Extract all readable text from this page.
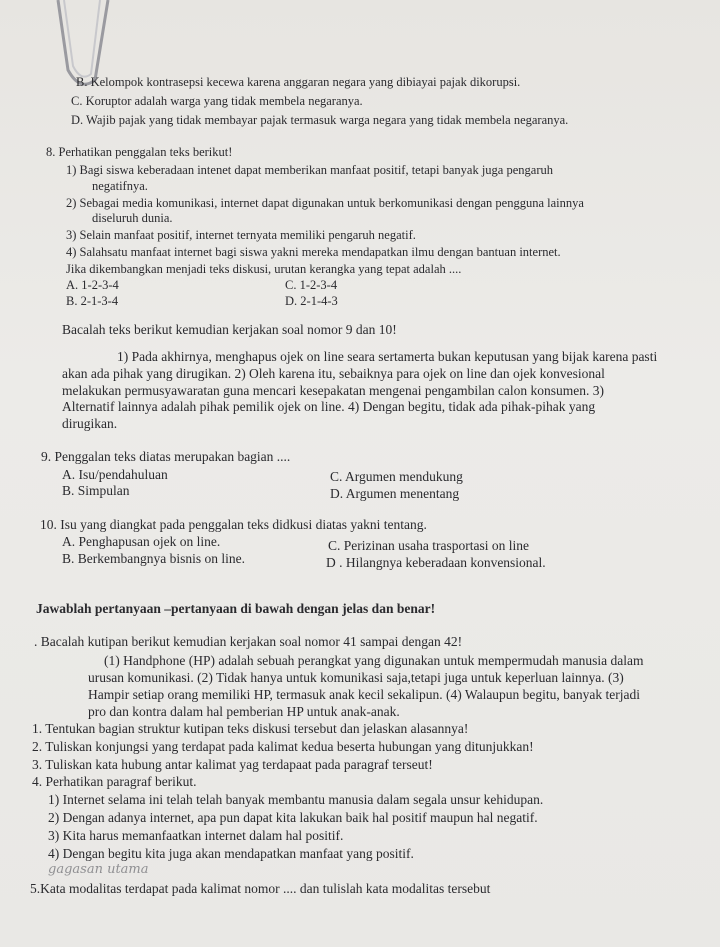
B. Kelompok kontrasepsi kecewa karena anggaran negara yang dibiayai pajak dikorupsi.
C. Koruptor adalah warga yang tidak membela negaranya.
D. Wajib pajak yang tidak membayar pajak termasuk warga negara yang tidak membela negaranya.
8. Perhatikan penggalan teks berikut!
1) Bagi siswa keberadaan intenet dapat memberikan manfaat positif, tetapi banyak juga pengaruh
negatifnya.
2) Sebagai media komunikasi, internet dapat digunakan untuk berkomunikasi dengan pengguna lainnya
diseluruh dunia.
3) Selain manfaat positif, internet ternyata memiliki pengaruh negatif.
4) Salahsatu manfaat internet bagi siswa yakni mereka mendapatkan ilmu dengan bantuan internet.
Jika dikembangkan menjadi teks diskusi, urutan kerangka yang tepat adalah ....
A. 1-2-3-4
B. 2-1-3-4
C. 1-2-3-4
D. 2-1-4-3
Bacalah teks berikut kemudian kerjakan soal nomor 9 dan 10!
1) Pada akhirnya, menghapus ojek on line seara sertamerta bukan keputusan yang bijak karena pasti
akan ada pihak yang dirugikan. 2) Oleh karena itu, sebaiknya para ojek on line dan ojek konvesional
melakukan permusyawaratan guna mencari kesepakatan mengenai pengambilan calon konsumen. 3)
Alternatif lainnya adalah pihak pemilik ojek on line. 4) Dengan begitu, tidak ada pihak-pihak yang
dirugikan.
9. Penggalan teks diatas merupakan bagian ....
A. Isu/pendahuluan
B. Simpulan
C. Argumen mendukung
D. Argumen menentang
10. Isu yang diangkat pada penggalan teks didkusi diatas yakni tentang.
A. Penghapusan ojek on line.
B. Berkembangnya bisnis on line.
C. Perizinan usaha trasportasi on line
D . Hilangnya keberadaan konvensional.
Jawablah pertanyaan –pertanyaan di bawah dengan jelas dan benar!
. Bacalah kutipan berikut kemudian kerjakan soal nomor 41 sampai dengan 42!
(1) Handphone (HP) adalah sebuah perangkat yang digunakan untuk mempermudah manusia dalam
urusan komunikasi. (2) Tidak hanya untuk komunikasi saja,tetapi juga untuk keperluan lainnya. (3)
Hampir setiap orang memiliki HP, termasuk anak kecil sekalipun. (4) Walaupun begitu, banyak terjadi
pro dan kontra dalam hal pemberian HP untuk anak-anak.
1. Tentukan bagian struktur kutipan teks diskusi tersebut dan jelaskan alasannya!
2. Tuliskan konjungsi yang terdapat pada kalimat kedua beserta hubungan yang ditunjukkan!
3. Tuliskan kata hubung antar kalimat yag terdapaat pada paragraf terseut!
4. Perhatikan paragraf berikut.
1) Internet selama ini telah telah banyak membantu manusia dalam segala unsur kehidupan.
2) Dengan adanya internet, apa pun dapat kita lakukan baik hal positif maupun hal negatif.
3) Kita harus memanfaatkan internet dalam hal positif.
4) Dengan begitu kita juga akan mendapatkan manfaat yang positif.
gagasan utama
5.Kata modalitas terdapat pada kalimat nomor .... dan tulislah kata modalitas tersebut
